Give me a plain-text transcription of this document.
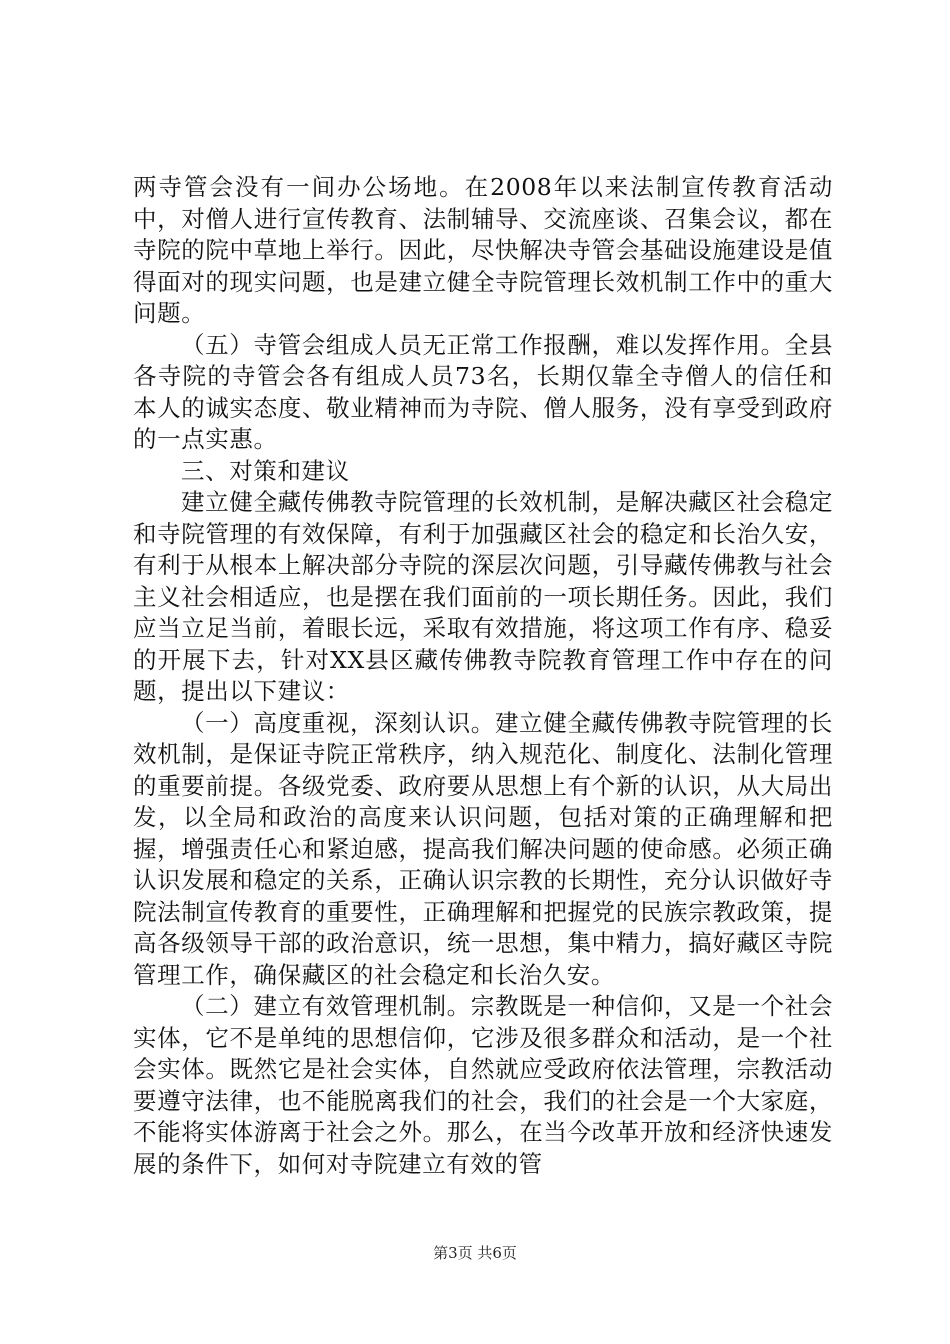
两寺管会没有一间办公场地。在2008年以来法制宣传教育活动中，对僧人进行宣传教育、法制辅导、交流座谈、召集会议，都在寺院的院中草地上举行。因此，尽快解决寺管会基础设施建设是值得面对的现实问题，也是建立健全寺院管理长效机制工作中的重大问题。

（五）寺管会组成人员无正常工作报酬，难以发挥作用。全县各寺院的寺管会各有组成人员73名，长期仅靠全寺僧人的信任和本人的诚实态度、敬业精神而为寺院、僧人服务，没有享受到政府的一点实惠。

三、对策和建议

建立健全藏传佛教寺院管理的长效机制，是解决藏区社会稳定和寺院管理的有效保障，有利于加强藏区社会的稳定和长治久安，有利于从根本上解决部分寺院的深层次问题，引导藏传佛教与社会主义社会相适应，也是摆在我们面前的一项长期任务。因此，我们应当立足当前，着眼长远，采取有效措施，将这项工作有序、稳妥的开展下去，针对XX县区藏传佛教寺院教育管理工作中存在的问题，提出以下建议：

（一）高度重视，深刻认识。建立健全藏传佛教寺院管理的长效机制，是保证寺院正常秩序，纳入规范化、制度化、法制化管理的重要前提。各级党委、政府要从思想上有个新的认识，从大局出发，以全局和政治的高度来认识问题，包括对策的正确理解和把握，增强责任心和紧迫感，提高我们解决问题的使命感。必须正确认识发展和稳定的关系，正确认识宗教的长期性，充分认识做好寺院法制宣传教育的重要性，正确理解和把握党的民族宗教政策，提高各级领导干部的政治意识，统一思想，集中精力，搞好藏区寺院管理工作，确保藏区的社会稳定和长治久安。

（二）建立有效管理机制。宗教既是一种信仰，又是一个社会实体，它不是单纯的思想信仰，它涉及很多群众和活动，是一个社会实体。既然它是社会实体，自然就应受政府依法管理，宗教活动要遵守法律，也不能脱离我们的社会，我们的社会是一个大家庭，不能将实体游离于社会之外。那么，在当今改革开放和经济快速发展的条件下，如何对寺院建立有效的管

第3页 共6页
